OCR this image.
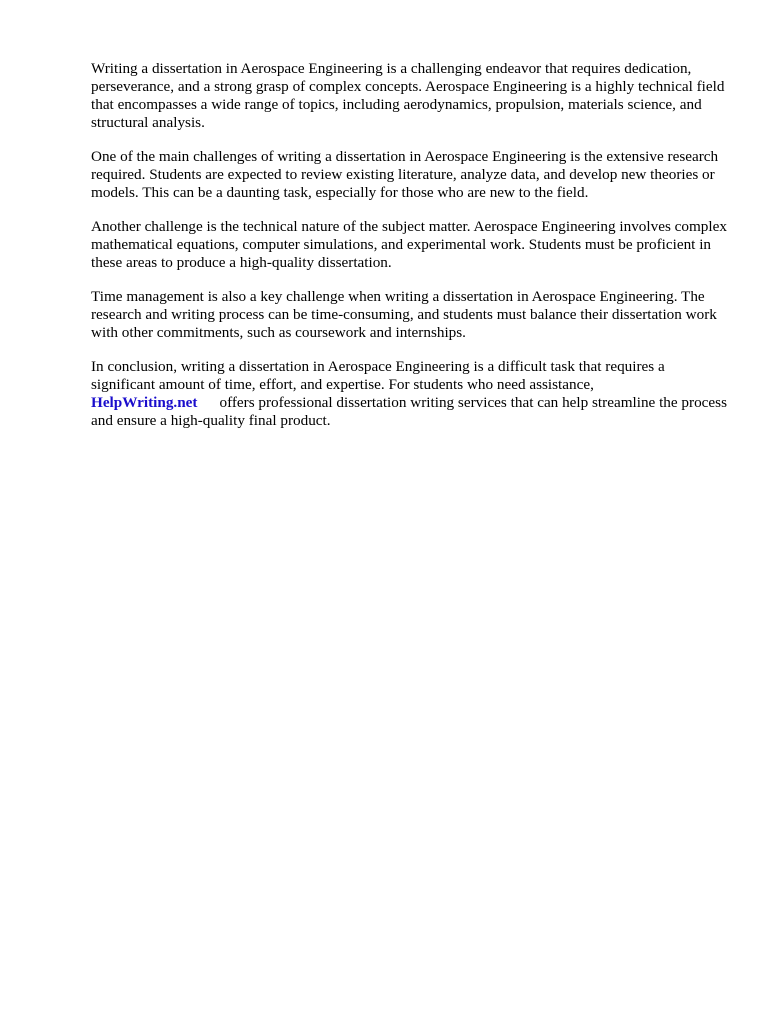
Writing a dissertation in Aerospace Engineering is a challenging endeavor that requires dedication, perseverance, and a strong grasp of complex concepts. Aerospace Engineering is a highly technical field that encompasses a wide range of topics, including aerodynamics, propulsion, materials science, and structural analysis.

One of the main challenges of writing a dissertation in Aerospace Engineering is the extensive research required. Students are expected to review existing literature, analyze data, and develop new theories or models. This can be a daunting task, especially for those who are new to the field.

Another challenge is the technical nature of the subject matter. Aerospace Engineering involves complex mathematical equations, computer simulations, and experimental work. Students must be proficient in these areas to produce a high-quality dissertation.

Time management is also a key challenge when writing a dissertation in Aerospace Engineering. The research and writing process can be time-consuming, and students must balance their dissertation work with other commitments, such as coursework and internships.

In conclusion, writing a dissertation in Aerospace Engineering is a difficult task that requires a significant amount of time, effort, and expertise. For students who need assistance,
HelpWriting.net offers professional dissertation writing services that can help streamline the process and ensure a high-quality final product.
